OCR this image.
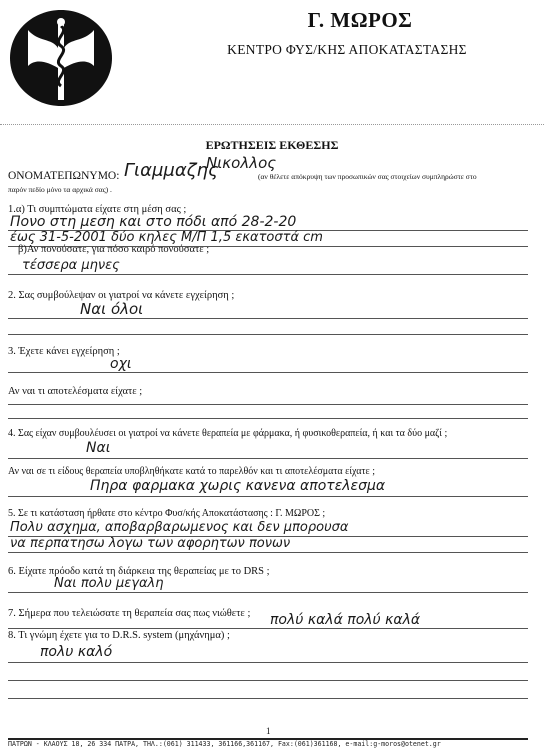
Γ. ΜΩΡΟΣ
ΚΕΝΤΡΟ ΦΥΣ/ΚΗΣ ΑΠΟΚΑΤΑΣΤΑΣΗΣ
ΕΡΩΤΗΣΕΙΣ ΕΚΘΕΣΗΣ
ΟΝΟΜΑΤΕΠΩΝΥΜΟ: Γιαμμαζης
Νικολλος
(αν θέλετε απόκρυψη των προσωπικών σας στοιχείων συμπληρώστε στο
παρόν πεδίο μόνο τα αρχικά σας) .
1.α) Τι συμπτώματα είχατε στη μέση σας ;
Πονο στη μεση και στο πόδι από 28-2-20
έως 31-5-2001 δύο κηλες Μ/Π 1,5 εκατοστά cm
β)Αν πονούσατε, για πόσο καιρό πονούσατε ;
τέσσερα μηνες
2. Σας συμβούλεψαν οι γιατροί να κάνετε εγχείρηση ;
Ναι όλοι
3. Έχετε κάνει εγχείρηση ;
οχι
Αν ναι τι αποτελέσματα είχατε ;
4. Σας είχαν συμβουλέυσει οι γιατροί να κάνετε θεραπεία με φάρμακα, ή φυσικοθεραπεία, ή και τα δύο μαζί ;
Ναι
Αν ναι σε τι είδους θεραπεία υποβληθήκατε κατά το παρελθόν και τι αποτελέσματα είχατε ;
Πηρα φαρμακα χωρις κανενα αποτελεσμα
5. Σε τι κατάσταση ήρθατε στο κέντρο Φυσ/κής Αποκατάστασης : Γ. ΜΩΡΟΣ ;
Πολυ ασχημα, αποβαρβαρωμενος και δεν μπορουσα
να περπατησω λογω των αφορητων πονων
6. Είχατε πρόοδο κατά τη διάρκεια της θεραπείας με το DRS ;
Ναι πολυ μεγαλη
7. Σήμερα που τελειώσατε τη θεραπεία σας πως νιώθετε ; πολύ καλά πολύ καλά
8. Τι γνώμη έχετε για το D.R.S. system (μηχάνημα) ;
πολυ καλό
1
ΠΑΤΡΩΝ - ΚΛΑΟΥΣ 18, 26 334 ΠΑΤΡΑ, ΤΗΛ.:(061) 311433, 361166,361167, Fax:(061)361168, e-mail:g-moros@otenet.gr
